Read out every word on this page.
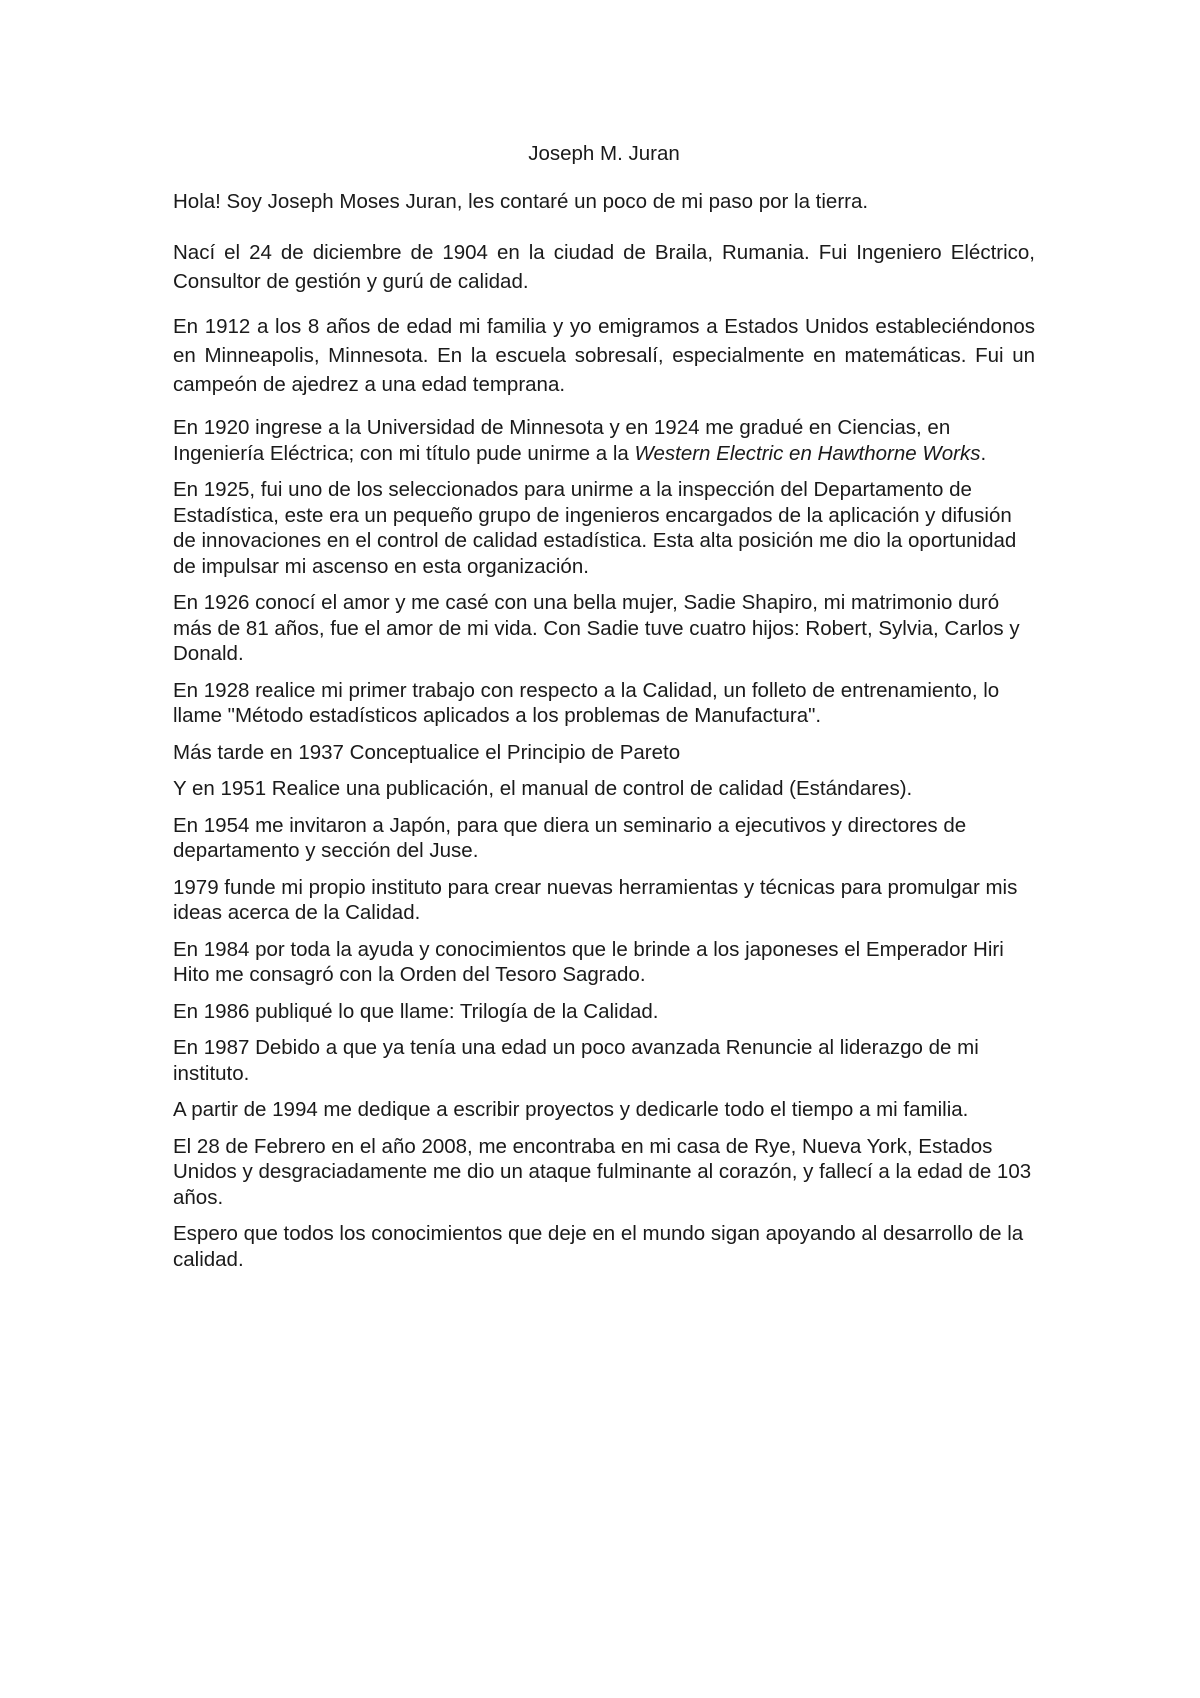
Joseph M. Juran

Hola! Soy Joseph Moses Juran, les contaré un poco de mi paso por la tierra.

Nací el 24 de diciembre de 1904 en la ciudad de Braila, Rumania. Fui Ingeniero Eléctrico, Consultor de gestión y gurú de calidad.

En 1912 a los 8 años de edad mi familia y yo emigramos a Estados Unidos estableciéndonos en Minneapolis, Minnesota. En la escuela sobresalí, especialmente en matemáticas. Fui un campeón de ajedrez a una edad temprana.

En 1920 ingrese a la Universidad de Minnesota y en 1924 me gradué en Ciencias, en Ingeniería Eléctrica; con mi título pude unirme a la Western Electric en Hawthorne Works.

En 1925, fui uno de los seleccionados para unirme a la inspección del Departamento de Estadística, este era un pequeño grupo de ingenieros encargados de la aplicación y difusión de innovaciones en el control de calidad estadística. Esta alta posición me dio la oportunidad de impulsar mi ascenso en esta organización.

En 1926 conocí el amor y me casé con una bella mujer, Sadie Shapiro, mi matrimonio duró más de 81 años, fue el amor de mi vida. Con Sadie tuve cuatro hijos: Robert, Sylvia, Carlos y Donald.

En 1928 realice mi primer trabajo con respecto a la Calidad, un folleto de entrenamiento, lo llame "Método estadísticos aplicados a los problemas de Manufactura".

Más tarde en 1937 Conceptualice el Principio de Pareto

Y en 1951 Realice una publicación, el manual de control de calidad (Estándares).

En 1954 me invitaron a Japón, para que diera un seminario a ejecutivos y directores de departamento y sección del Juse.

1979 funde mi propio instituto para crear nuevas herramientas y técnicas para promulgar mis ideas acerca de la Calidad.

En 1984 por toda la ayuda y conocimientos que le brinde a los japoneses el Emperador Hiri Hito me consagró con la Orden del Tesoro Sagrado.

En 1986 publiqué lo que llame: Trilogía de la Calidad.

En 1987 Debido a que ya tenía una edad un poco avanzada Renuncie al liderazgo de mi instituto.

A partir de 1994 me dedique a escribir proyectos y dedicarle todo el tiempo a mi familia.

El 28 de Febrero en el año 2008, me encontraba en mi casa de Rye, Nueva York, Estados Unidos y desgraciadamente me dio un ataque fulminante al corazón, y fallecí a la edad de 103 años.

Espero que todos los conocimientos que deje en el mundo sigan apoyando al desarrollo de la calidad.
